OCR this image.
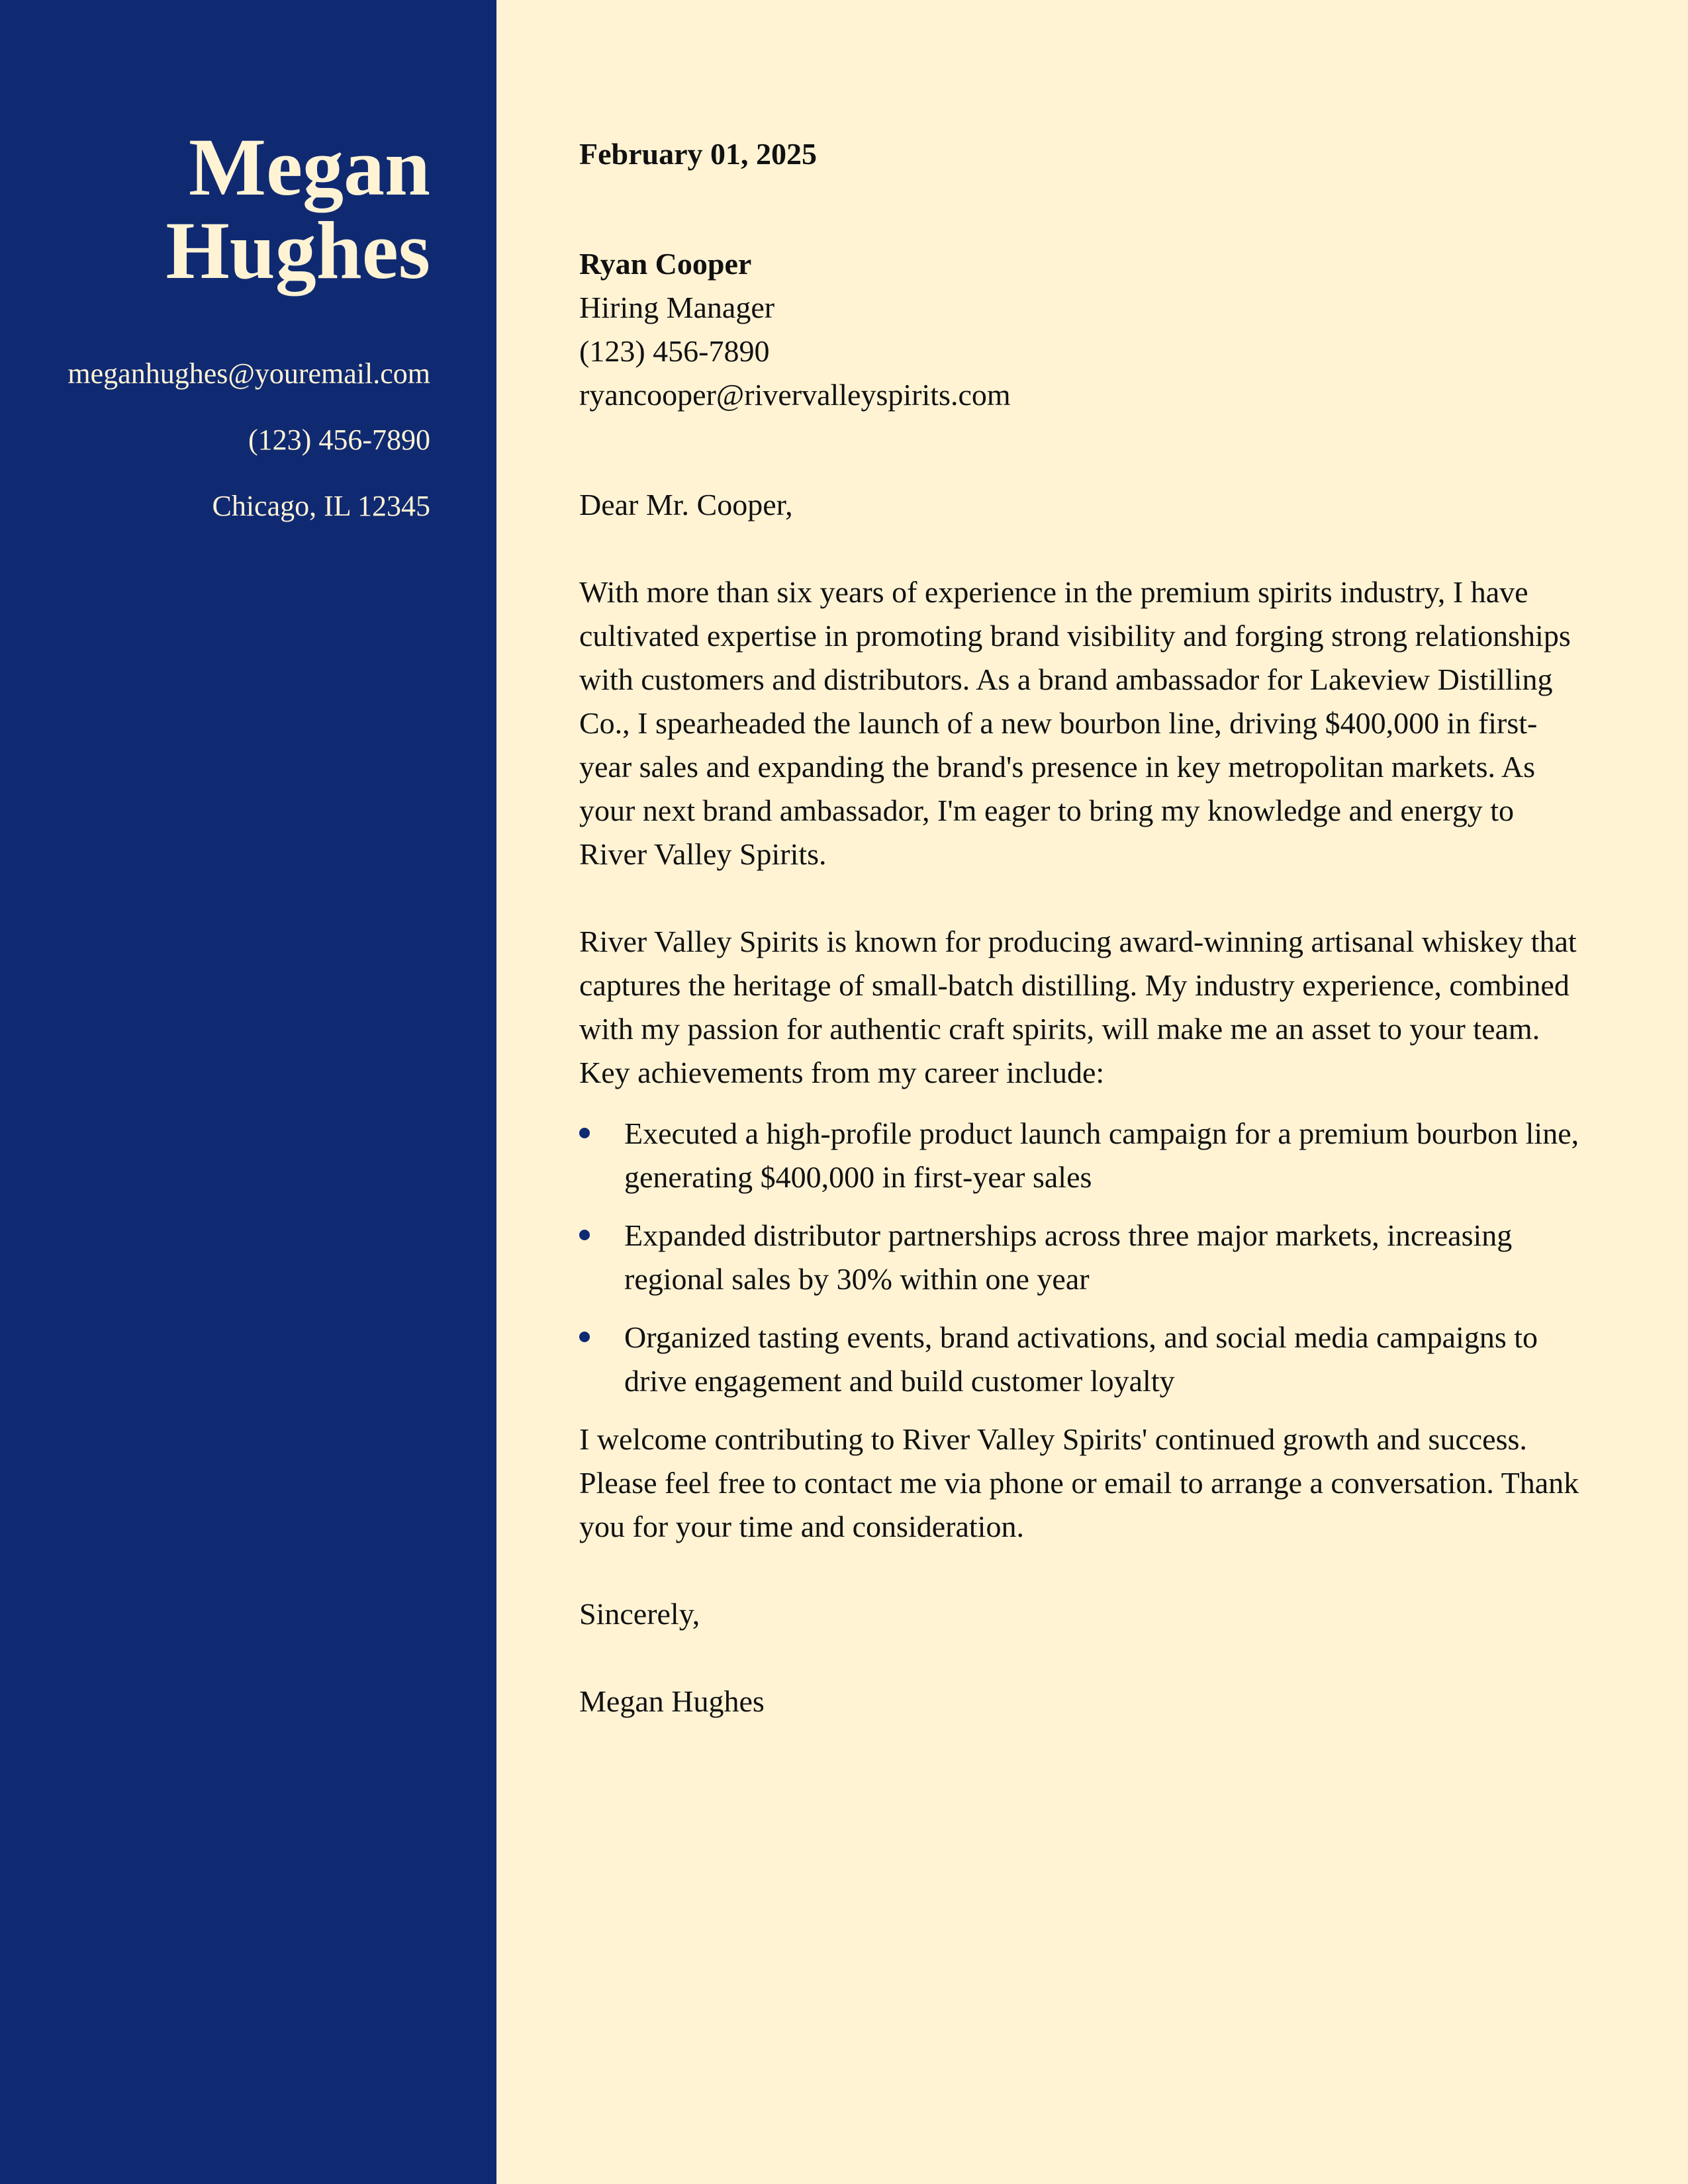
Megan
Hughes
meganhughes@youremail.com
(123) 456-7890
Chicago, IL 12345
February 01, 2025
Ryan Cooper
Hiring Manager
(123) 456-7890
ryancooper@rivervalleyspirits.com

Dear Mr. Cooper,

With more than six years of experience in the premium spirits industry, I have cultivated expertise in promoting brand visibility and forging strong relationships with customers and distributors. As a brand ambassador for Lakeview Distilling Co., I spearheaded the launch of a new bourbon line, driving $400,000 in first-year sales and expanding the brand's presence in key metropolitan markets. As your next brand ambassador, I'm eager to bring my knowledge and energy to River Valley Spirits.

River Valley Spirits is known for producing award-winning artisanal whiskey that captures the heritage of small-batch distilling. My industry experience, combined with my passion for authentic craft spirits, will make me an asset to your team. Key achievements from my career include:

Executed a high-profile product launch campaign for a premium bourbon line, generating $400,000 in first-year sales
Expanded distributor partnerships across three major markets, increasing regional sales by 30% within one year
Organized tasting events, brand activations, and social media campaigns to drive engagement and build customer loyalty

I welcome contributing to River Valley Spirits' continued growth and success. Please feel free to contact me via phone or email to arrange a conversation. Thank you for your time and consideration.

Sincerely,

Megan Hughes
